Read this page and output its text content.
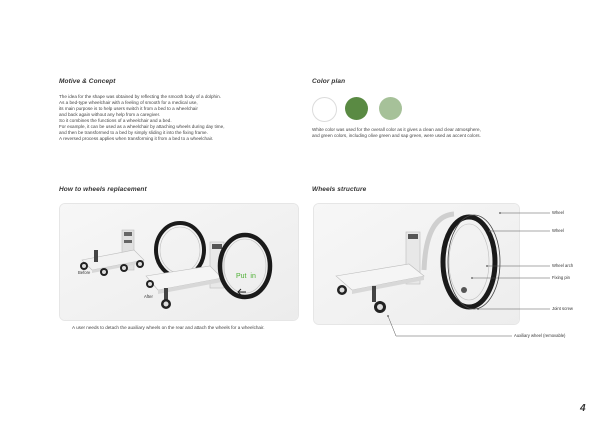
Motive & Concept
The idea for the shape was obtained by reflecting the smooth body of a dolphin.
As a bed-type wheelchair with a feeling of smooth for a medical use,
its main purpose is to help users switch it from a bed to a wheelchair
and back again without any help from a caregiver.
So it combines the functions of a wheelchair and a bed.
For example, it can be used as a wheelchair by attaching wheels during day time,
and then be transformed to a bed by simply sliding it into the fixing frame.
A reversed process applies when transforming it from a bed to a wheelchair.
Color plan
White color was used for the overall color as it gives a clean and clear atmosphere,
and green colors, including olive green and sap green, were used as accent colors.
How to wheels replacement
Before
After
Put  in
A user needs to detach the auxiliary wheels on the rear and attach the wheels for a wheelchair.
Wheels structure
Wheel
Wheel
Wheel arch
Fixing pin
Joint screw
Auxiliary wheel (removable)
4
